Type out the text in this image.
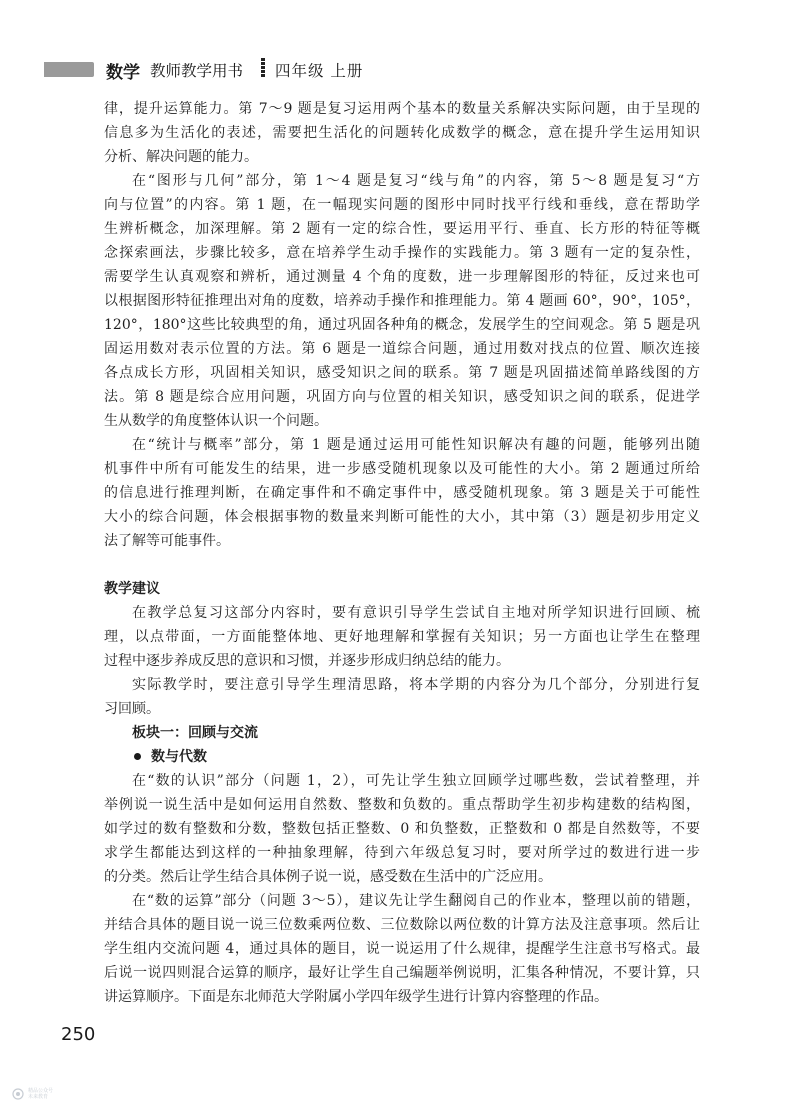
数学 教师教学用书 四年级 上册
律，提升运算能力。第 7～9 题是复习运用两个基本的数量关系解决实际问题，由于呈现的
信息多为生活化的表述，需要把生活化的问题转化成数学的概念，意在提升学生运用知识
分析、解决问题的能力。
在“图形与几何”部分，第 1～4 题是复习“线与角”的内容，第 5～8 题是复习“方
向与位置”的内容。第 1 题，在一幅现实问题的图形中同时找平行线和垂线，意在帮助学
生辨析概念，加深理解。第 2 题有一定的综合性，要运用平行、垂直、长方形的特征等概
念探索画法，步骤比较多，意在培养学生动手操作的实践能力。第 3 题有一定的复杂性，
需要学生认真观察和辨析，通过测量 4 个角的度数，进一步理解图形的特征，反过来也可
以根据图形特征推理出对角的度数，培养动手操作和推理能力。第 4 题画 60°，90°，105°，
120°，180°这些比较典型的角，通过巩固各种角的概念，发展学生的空间观念。第 5 题是巩
固运用数对表示位置的方法。第 6 题是一道综合问题，通过用数对找点的位置、顺次连接
各点成长方形，巩固相关知识，感受知识之间的联系。第 7 题是巩固描述简单路线图的方
法。第 8 题是综合应用问题，巩固方向与位置的相关知识，感受知识之间的联系，促进学
生从数学的角度整体认识一个问题。
在“统计与概率”部分，第 1 题是通过运用可能性知识解决有趣的问题，能够列出随
机事件中所有可能发生的结果，进一步感受随机现象以及可能性的大小。第 2 题通过所给
的信息进行推理判断，在确定事件和不确定事件中，感受随机现象。第 3 题是关于可能性
大小的综合问题，体会根据事物的数量来判断可能性的大小，其中第（3）题是初步用定义
法了解等可能事件。
教学建议
在教学总复习这部分内容时，要有意识引导学生尝试自主地对所学知识进行回顾、梳
理，以点带面，一方面能整体地、更好地理解和掌握有关知识；另一方面也让学生在整理
过程中逐步养成反思的意识和习惯，并逐步形成归纳总结的能力。
实际教学时，要注意引导学生理清思路，将本学期的内容分为几个部分，分别进行复
习回顾。
板块一：回顾与交流
数与代数
在“数的认识”部分（问题 1，2），可先让学生独立回顾学过哪些数，尝试着整理，并
举例说一说生活中是如何运用自然数、整数和负数的。重点帮助学生初步构建数的结构图，
如学过的数有整数和分数，整数包括正整数、0 和负整数，正整数和 0 都是自然数等，不要
求学生都能达到这样的一种抽象理解，待到六年级总复习时，要对所学过的数进行进一步
的分类。然后让学生结合具体例子说一说，感受数在生活中的广泛应用。
在“数的运算”部分（问题 3～5），建议先让学生翻阅自己的作业本，整理以前的错题，
并结合具体的题目说一说三位数乘两位数、三位数除以两位数的计算方法及注意事项。然后让
学生组内交流问题 4，通过具体的题目，说一说运用了什么规律，提醒学生注意书写格式。最
后说一说四则混合运算的顺序，最好让学生自己编题举例说明，汇集各种情况，不要计算，只
讲运算顺序。下面是东北师范大学附属小学四年级学生进行计算内容整理的作品。
250
精品公众号
未来教育
